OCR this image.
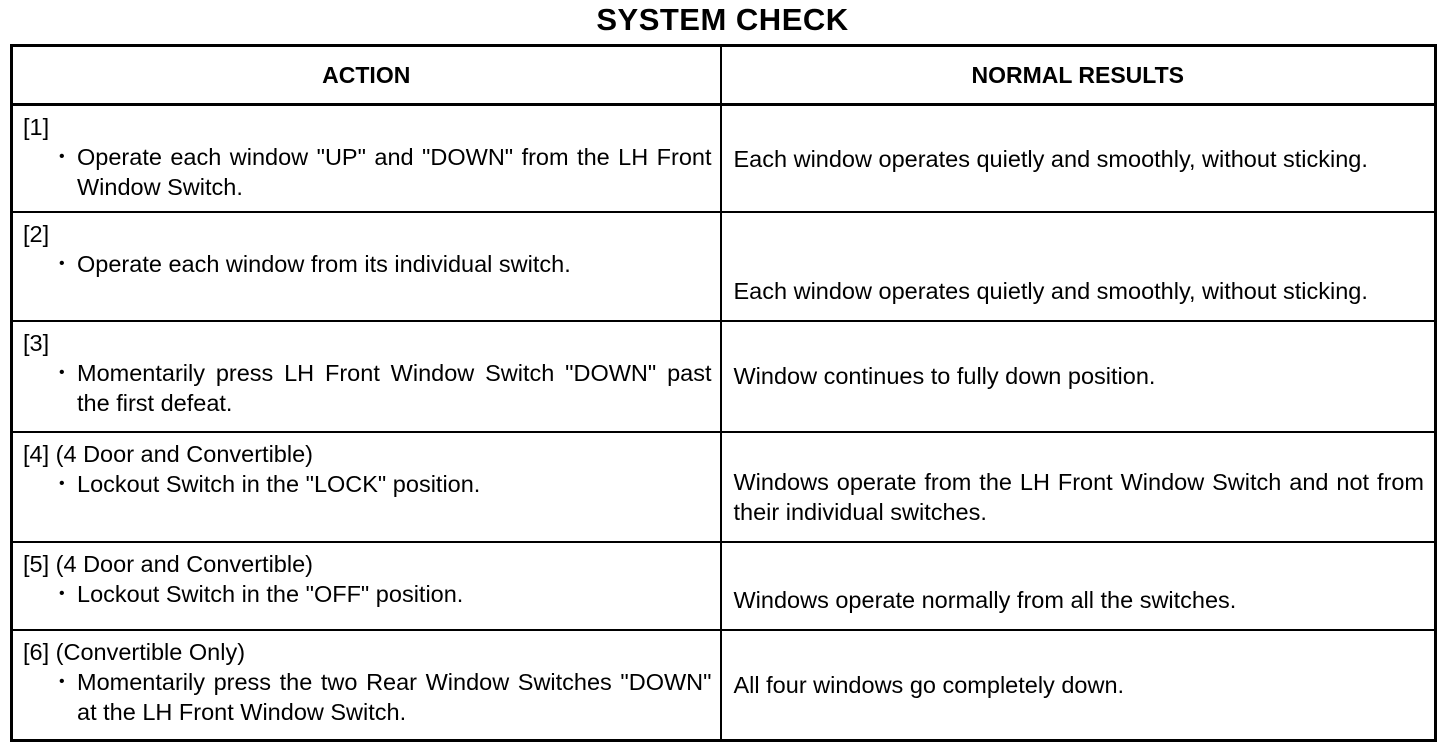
SYSTEM CHECK
ACTION	NORMAL RESULTS

[1]
• Operate each window "UP" and "DOWN" from the LH Front Window Switch.	Each window operates quietly and smoothly, without sticking.

[2]
• Operate each window from its individual switch.	Each window operates quietly and smoothly, without sticking.

[3]
• Momentarily press LH Front Window Switch "DOWN" past the first defeat.	Window continues to fully down position.

[4] (4 Door and Convertible)
• Lockout Switch in the "LOCK" position.	Windows operate from the LH Front Window Switch and not from their individual switches.

[5] (4 Door and Convertible)
• Lockout Switch in the "OFF" position.	Windows operate normally from all the switches.

[6] (Convertible Only)
• Momentarily press the two Rear Window Switches "DOWN" at the LH Front Window Switch.	All four windows go completely down.
